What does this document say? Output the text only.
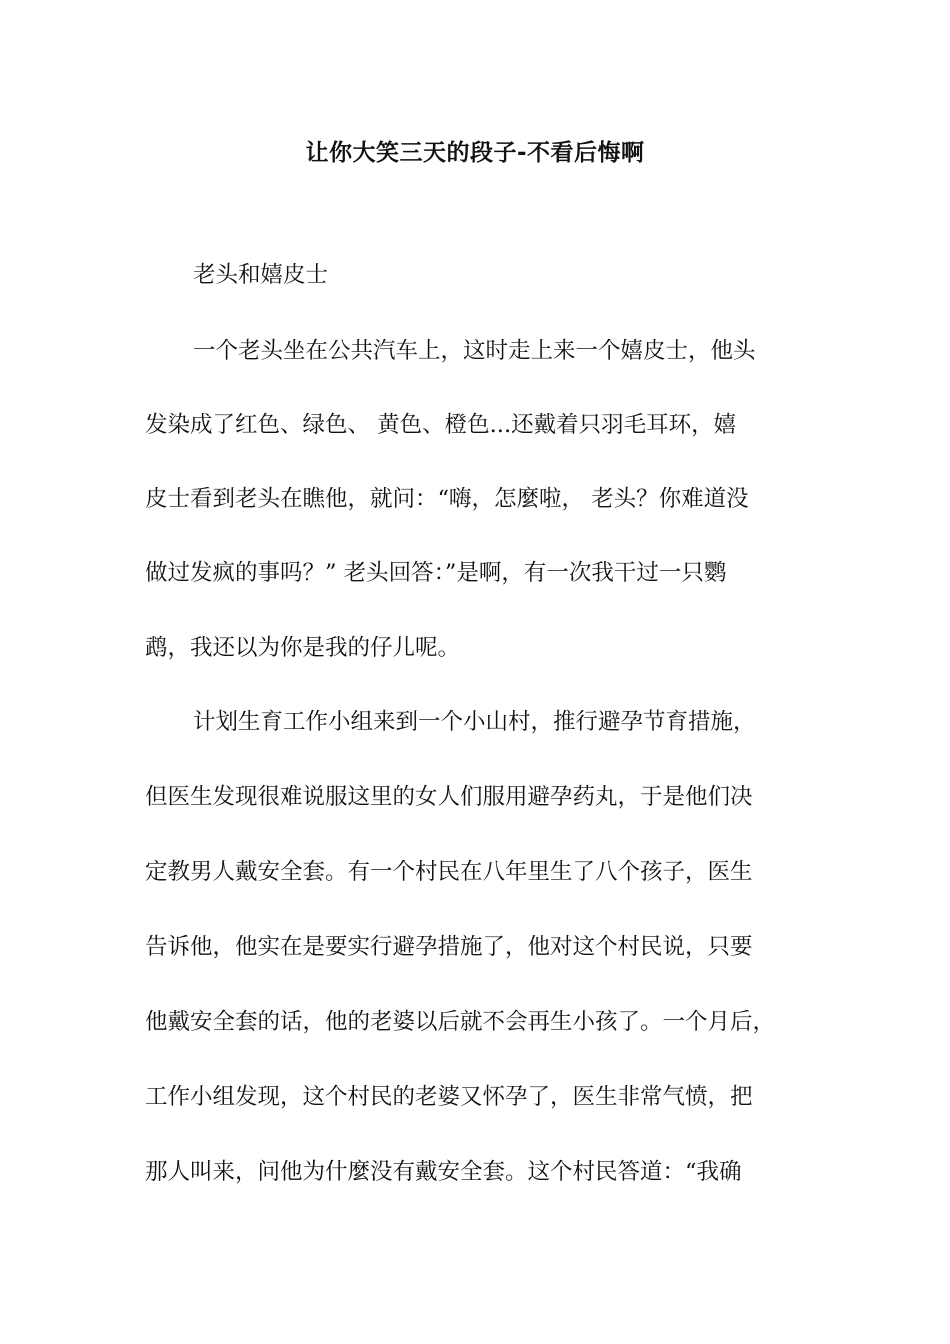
让你大笑三天的段子-不看后悔啊

老头和嬉皮士

一个老头坐在公共汽车上，这时走上来一个嬉皮士，他头

发染成了红色、绿色、 黄色、橙色...还戴着只羽毛耳环，嬉

皮士看到老头在瞧他，就问：“嗨，怎麼啦， 老头？你难道没

做过发疯的事吗？” 老头回答：”是啊，有一次我干过一只鹦

鹉，我还以为你是我的仔儿呢。

计划生育工作小组来到一个小山村，推行避孕节育措施，

但医生发现很难说服这里的女人们服用避孕药丸，于是他们决

定教男人戴安全套。有一个村民在八年里生了八个孩子，医生

告诉他，他实在是要实行避孕措施了，他对这个村民说，只要

他戴安全套的话，他的老婆以后就不会再生小孩了。一个月后，

工作小组发现，这个村民的老婆又怀孕了，医生非常气愤，把

那人叫来，问他为什麼没有戴安全套。这个村民答道：“我确
